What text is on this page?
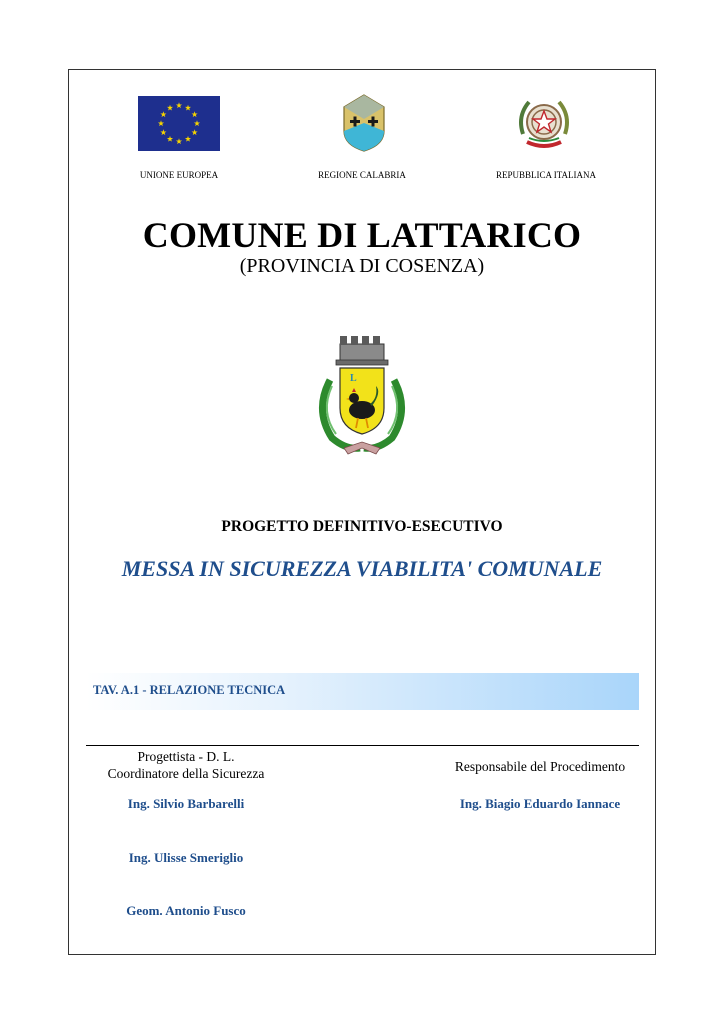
UNIONE EUROPEA	REGIONE CALABRIA	REPUBBLICA ITALIANA
COMUNE DI LATTARICO
(PROVINCIA DI COSENZA)
L
PROGETTO DEFINITIVO-ESECUTIVO
MESSA IN SICUREZZA VIABILITA' COMUNALE
TAV. A.1 - RELAZIONE TECNICA
Progettista - D. L.
Coordinatore della Sicurezza	Responsabile del Procedimento
Ing. Silvio Barbarelli	Ing. Biagio Eduardo Iannace
Ing. Ulisse Smeriglio
Geom. Antonio Fusco
